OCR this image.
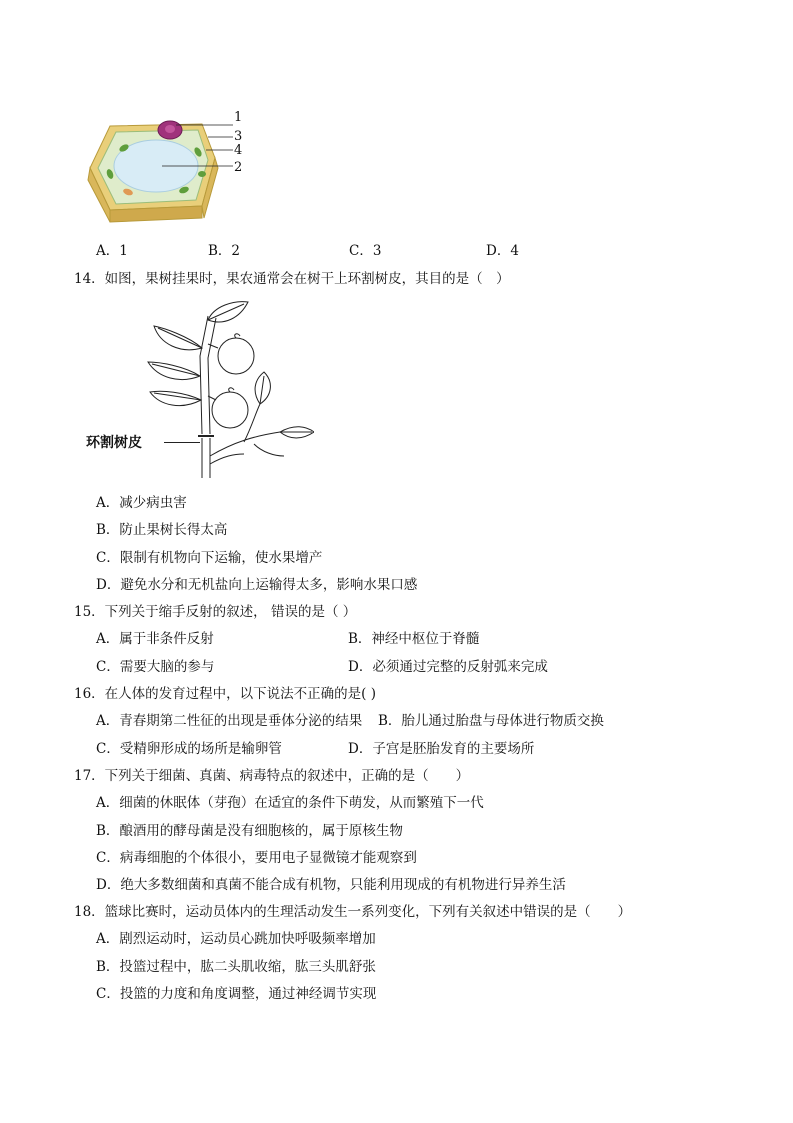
1
3
4
2
A．1	B．2	C．3	D．4
14．如图，果树挂果时，果农通常会在树干上环割树皮，其目的是（　）
环割树皮
A．减少病虫害
B．防止果树长得太高
C．限制有机物向下运输，使水果增产
D．避免水分和无机盐向上运输得太多，影响水果口感
15．下列关于缩手反射的叙述， 错误的是（ ）
A．属于非条件反射	B．神经中枢位于脊髓
C．需要大脑的参与	D．必须通过完整的反射弧来完成
16．在人体的发育过程中，以下说法不正确的是( )
A．青春期第二性征的出现是垂体分泌的结果 B．胎儿通过胎盘与母体进行物质交换
C．受精卵形成的场所是输卵管	D．子宫是胚胎发育的主要场所
17．下列关于细菌、真菌、病毒特点的叙述中，正确的是（　　）
A．细菌的休眠体（芽孢）在适宜的条件下萌发，从而繁殖下一代
B．酿酒用的酵母菌是没有细胞核的，属于原核生物
C．病毒细胞的个体很小，要用电子显微镜才能观察到
D．绝大多数细菌和真菌不能合成有机物，只能利用现成的有机物进行异养生活
18．篮球比赛时，运动员体内的生理活动发生一系列变化，下列有关叙述中错误的是（　　）
A．剧烈运动时，运动员心跳加快呼吸频率增加
B．投篮过程中，肱二头肌收缩，肱三头肌舒张
C．投篮的力度和角度调整，通过神经调节实现
